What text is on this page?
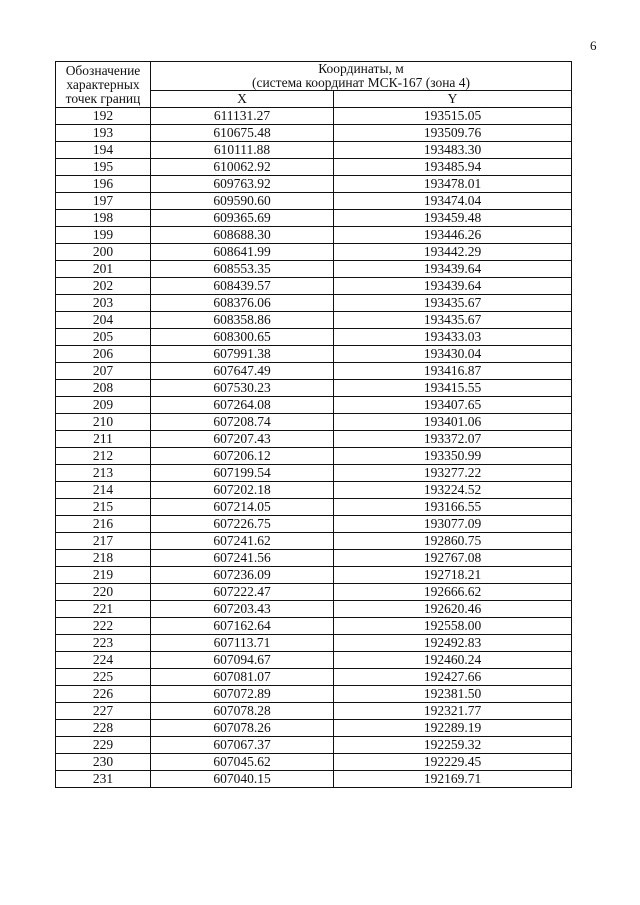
6
Обозначение
характерных
точек границ	Координаты, м
(система координат МСК-167 (зона 4)	

	X	Y
192	611131.27	193515.05
193	610675.48	193509.76
194	610111.88	193483.30
195	610062.92	193485.94
196	609763.92	193478.01
197	609590.60	193474.04
198	609365.69	193459.48
199	608688.30	193446.26
200	608641.99	193442.29
201	608553.35	193439.64
202	608439.57	193439.64
203	608376.06	193435.67
204	608358.86	193435.67
205	608300.65	193433.03
206	607991.38	193430.04
207	607647.49	193416.87
208	607530.23	193415.55
209	607264.08	193407.65
210	607208.74	193401.06
211	607207.43	193372.07
212	607206.12	193350.99
213	607199.54	193277.22
214	607202.18	193224.52
215	607214.05	193166.55
216	607226.75	193077.09
217	607241.62	192860.75
218	607241.56	192767.08
219	607236.09	192718.21
220	607222.47	192666.62
221	607203.43	192620.46
222	607162.64	192558.00
223	607113.71	192492.83
224	607094.67	192460.24
225	607081.07	192427.66
226	607072.89	192381.50
227	607078.28	192321.77
228	607078.26	192289.19
229	607067.37	192259.32
230	607045.62	192229.45
231	607040.15	192169.71
